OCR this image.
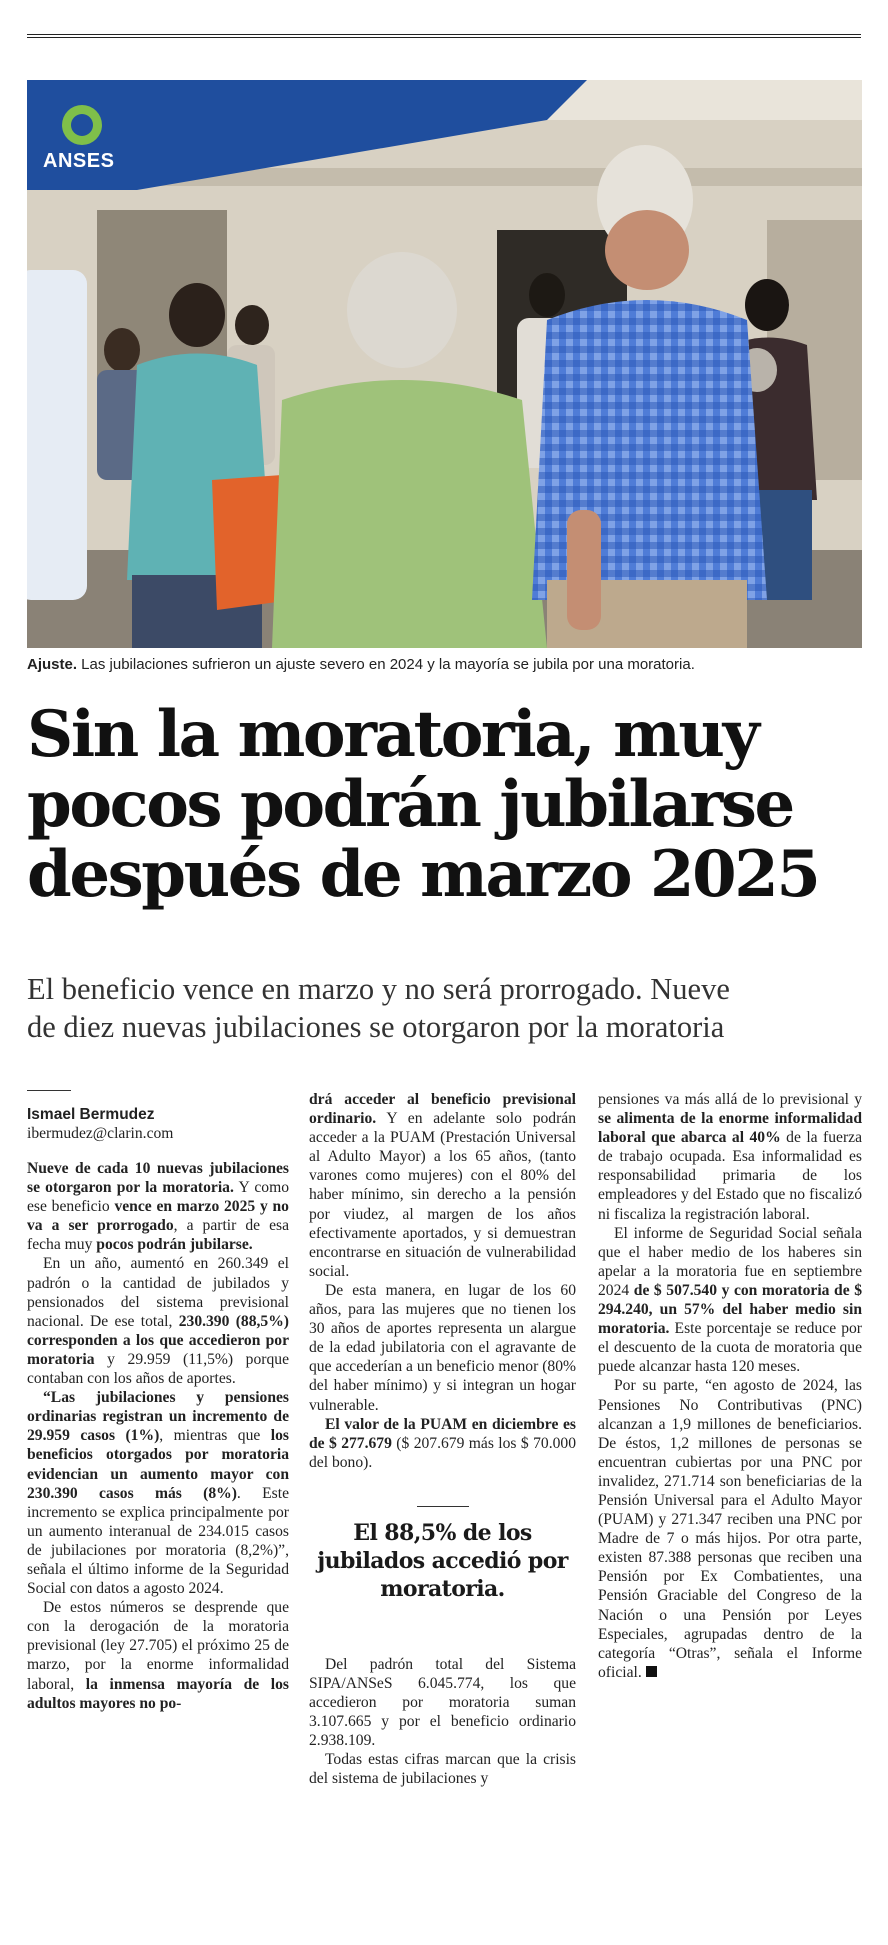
ANSES
Ajuste. Las jubilaciones sufrieron un ajuste severo en 2024 y la mayoría se jubila por una moratoria.
Sin la moratoria, muy
pocos podrán jubilarse
después de marzo 2025
El beneficio vence en marzo y no será prorrogado. Nueve
de diez nuevas jubilaciones se otorgaron por la moratoria
Ismael Bermudez
ibermudez@clarin.com

Nueve de cada 10 nuevas jubilaciones se otorgaron por la moratoria. Y como ese beneficio vence en marzo 2025 y no va a ser prorrogado, a partir de esa fecha muy pocos podrán jubilarse.

En un año, aumentó en 260.349 el padrón o la cantidad de jubilados y pensionados del sistema previsional nacional. De ese total, 230.390 (88,5%) corresponden a los que accedieron por moratoria y 29.959 (11,5%) porque contaban con los años de aportes.

“Las jubilaciones y pensiones ordinarias registran un incremento de 29.959 casos (1%), mientras que los beneficios otorgados por moratoria evidencian un aumento mayor con 230.390 casos más (8%). Este incremento se explica principalmente por un aumento interanual de 234.015 casos de jubilaciones por moratoria (8,2%)”, señala el último informe de la Seguridad Social con datos a agosto 2024.

De estos números se desprende que con la derogación de la moratoria previsional (ley 27.705) el próximo 25 de marzo, por la enorme informalidad laboral, la inmensa mayoría de los adultos mayores no po-

drá acceder al beneficio previsional ordinario. Y en adelante solo podrán acceder a la PUAM (Prestación Universal al Adulto Mayor) a los 65 años, (tanto varones como mujeres) con el 80% del haber mínimo, sin derecho a la pensión por viudez, al margen de los años efectivamente aportados, y si demuestran encontrarse en situación de vulnerabilidad social.

De esta manera, en lugar de los 60 años, para las mujeres que no tienen los 30 años de aportes representa un alargue de la edad jubilatoria con el agravante de que accederían a un beneficio menor (80% del haber mínimo) y si integran un hogar vulnerable.

El valor de la PUAM en diciembre es de $ 277.679 ($ 207.679 más los $ 70.000 del bono).

El 88,5% de los jubilados accedió por moratoria.

Del padrón total del Sistema SIPA/ANSeS 6.045.774, los que accedieron por moratoria suman 3.107.665 y por el beneficio ordinario 2.938.109.

Todas estas cifras marcan que la crisis del sistema de jubilaciones y

pensiones va más allá de lo previsional y se alimenta de la enorme informalidad laboral que abarca al 40% de la fuerza de trabajo ocupada. Esa informalidad es responsabilidad primaria de los empleadores y del Estado que no fiscalizó ni fiscaliza la registración laboral.

El informe de Seguridad Social señala que el haber medio de los haberes sin apelar a la moratoria fue en septiembre 2024 de $ 507.540 y con moratoria de $ 294.240, un 57% del haber medio sin moratoria. Este porcentaje se reduce por el descuento de la cuota de moratoria que puede alcanzar hasta 120 meses.

Por su parte, “en agosto de 2024, las Pensiones No Contributivas (PNC) alcanzan a 1,9 millones de beneficiarios. De éstos, 1,2 millones de personas se encuentran cubiertas por una PNC por invalidez, 271.714 son beneficiarias de la Pensión Universal para el Adulto Mayor (PUAM) y 271.347 reciben una PNC por Madre de 7 o más hijos. Por otra parte, existen 87.388 personas que reciben una Pensión por Ex Combatientes, una Pensión Graciable del Congreso de la Nación o una Pensión por Leyes Especiales, agrupadas dentro de la categoría “Otras”, señala el Informe oficial.
